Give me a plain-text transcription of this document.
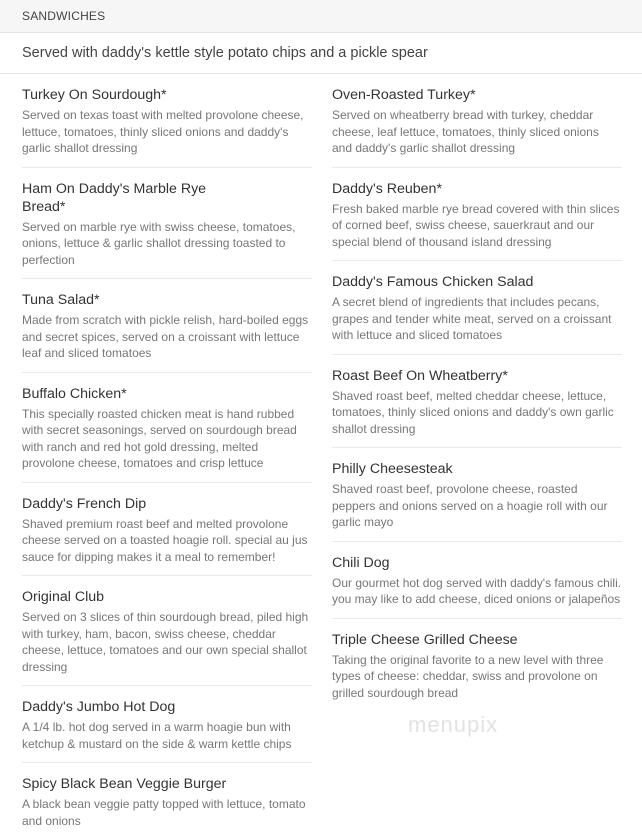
SANDWICHES
Served with daddy's kettle style potato chips and a pickle spear
Turkey On Sourdough*
Served on texas toast with melted provolone cheese, lettuce, tomatoes, thinly sliced onions and daddy's garlic shallot dressing
Ham On Daddy's Marble Rye Bread*
Served on marble rye with swiss cheese, tomatoes, onions, lettuce & garlic shallot dressing toasted to perfection
Tuna Salad*
Made from scratch with pickle relish, hard-boiled eggs and secret spices, served on a croissant with lettuce leaf and sliced tomatoes
Buffalo Chicken*
This specially roasted chicken meat is hand rubbed with secret seasonings, served on sourdough bread with ranch and red hot gold dressing, melted provolone cheese, tomatoes and crisp lettuce
Daddy's French Dip
Shaved premium roast beef and melted provolone cheese served on a toasted hoagie roll. special au jus sauce for dipping makes it a meal to remember!
Original Club
Served on 3 slices of thin sourdough bread, piled high with turkey, ham, bacon, swiss cheese, cheddar cheese, lettuce, tomatoes and our own special shallot dressing
Daddy's Jumbo Hot Dog
A 1/4 lb. hot dog served in a warm hoagie bun with ketchup & mustard on the side & warm kettle chips
Spicy Black Bean Veggie Burger
A black bean veggie patty topped with lettuce, tomato and onions
Oven-Roasted Turkey*
Served on wheatberry bread with turkey, cheddar cheese, leaf lettuce, tomatoes, thinly sliced onions and daddy's garlic shallot dressing
Daddy's Reuben*
Fresh baked marble rye bread covered with thin slices of corned beef, swiss cheese, sauerkraut and our special blend of thousand island dressing
Daddy's Famous Chicken Salad
A secret blend of ingredients that includes pecans, grapes and tender white meat, served on a croissant with lettuce and sliced tomatoes
Roast Beef On Wheatberry*
Shaved roast beef, melted cheddar cheese, lettuce, tomatoes, thinly sliced onions and daddy's own garlic shallot dressing
Philly Cheesesteak
Shaved roast beef, provolone cheese, roasted peppers and onions served on a hoagie roll with our garlic mayo
Chili Dog
Our gourmet hot dog served with daddy's famous chili. you may like to add cheese, diced onions or jalapeños
Triple Cheese Grilled Cheese
Taking the original favorite to a new level with three types of cheese: cheddar, swiss and provolone on grilled sourdough bread
menupix
